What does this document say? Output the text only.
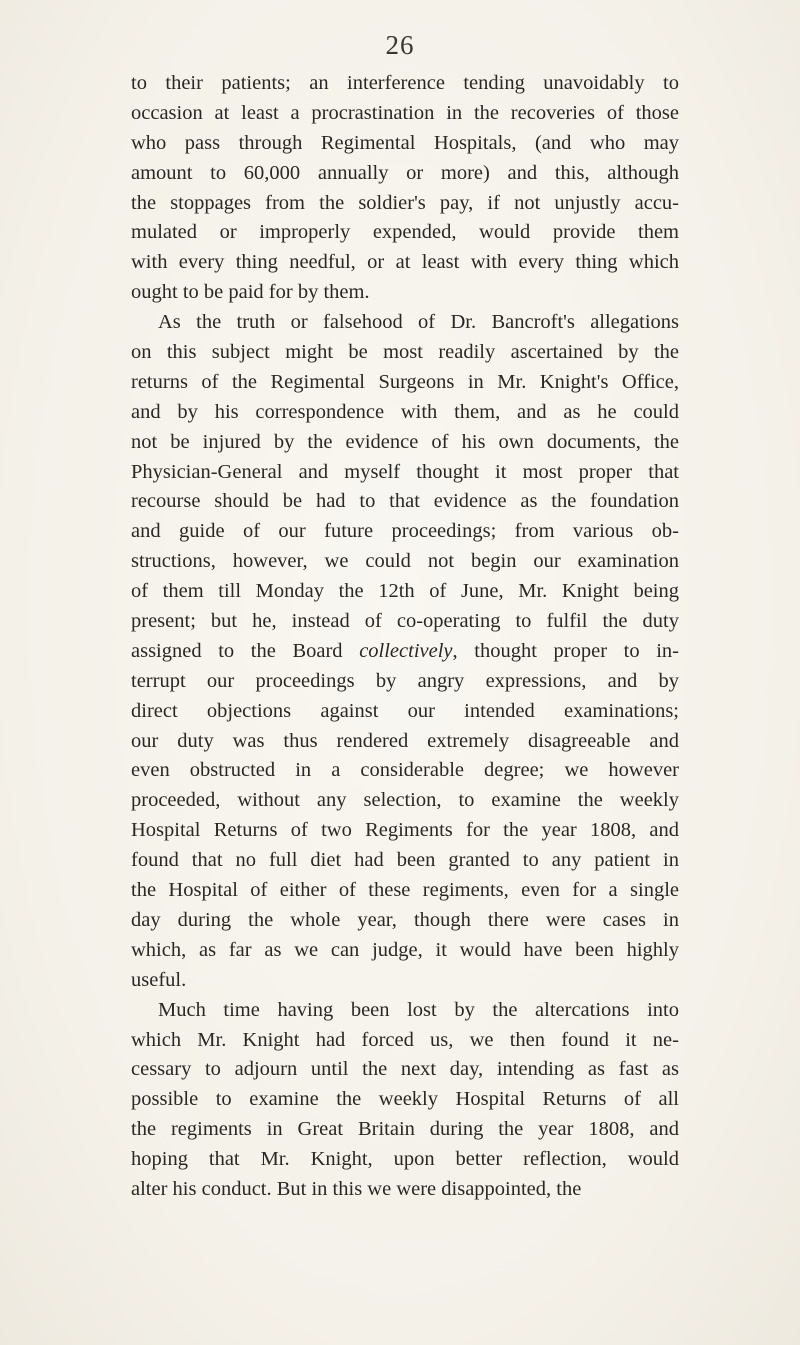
26
to their patients; an interference tending unavoidably to
occasion at least a procrastination in the recoveries of those
who pass through Regimental Hospitals, (and who may
amount to 60,000 annually or more) and this, although
the stoppages from the soldier's pay, if not unjustly accu-
mulated or improperly expended, would provide them
with every thing needful, or at least with every thing which
ought to be paid for by them.
As the truth or falsehood of Dr. Bancroft's allegations
on this subject might be most readily ascertained by the
returns of the Regimental Surgeons in Mr. Knight's Office,
and by his correspondence with them, and as he could
not be injured by the evidence of his own documents, the
Physician-General and myself thought it most proper that
recourse should be had to that evidence as the foundation
and guide of our future proceedings; from various ob-
structions, however, we could not begin our examination
of them till Monday the 12th of June, Mr. Knight being
present; but he, instead of co-operating to fulfil the duty
assigned to the Board collectively, thought proper to in-
terrupt our proceedings by angry expressions, and by
direct objections against our intended examinations;
our duty was thus rendered extremely disagreeable and
even obstructed in a considerable degree; we however
proceeded, without any selection, to examine the weekly
Hospital Returns of two Regiments for the year 1808, and
found that no full diet had been granted to any patient in
the Hospital of either of these regiments, even for a single
day during the whole year, though there were cases in
which, as far as we can judge, it would have been highly
useful.
Much time having been lost by the altercations into
which Mr. Knight had forced us, we then found it ne-
cessary to adjourn until the next day, intending as fast as
possible to examine the weekly Hospital Returns of all
the regiments in Great Britain during the year 1808, and
hoping that Mr. Knight, upon better reflection, would
alter his conduct. But in this we were disappointed, the
